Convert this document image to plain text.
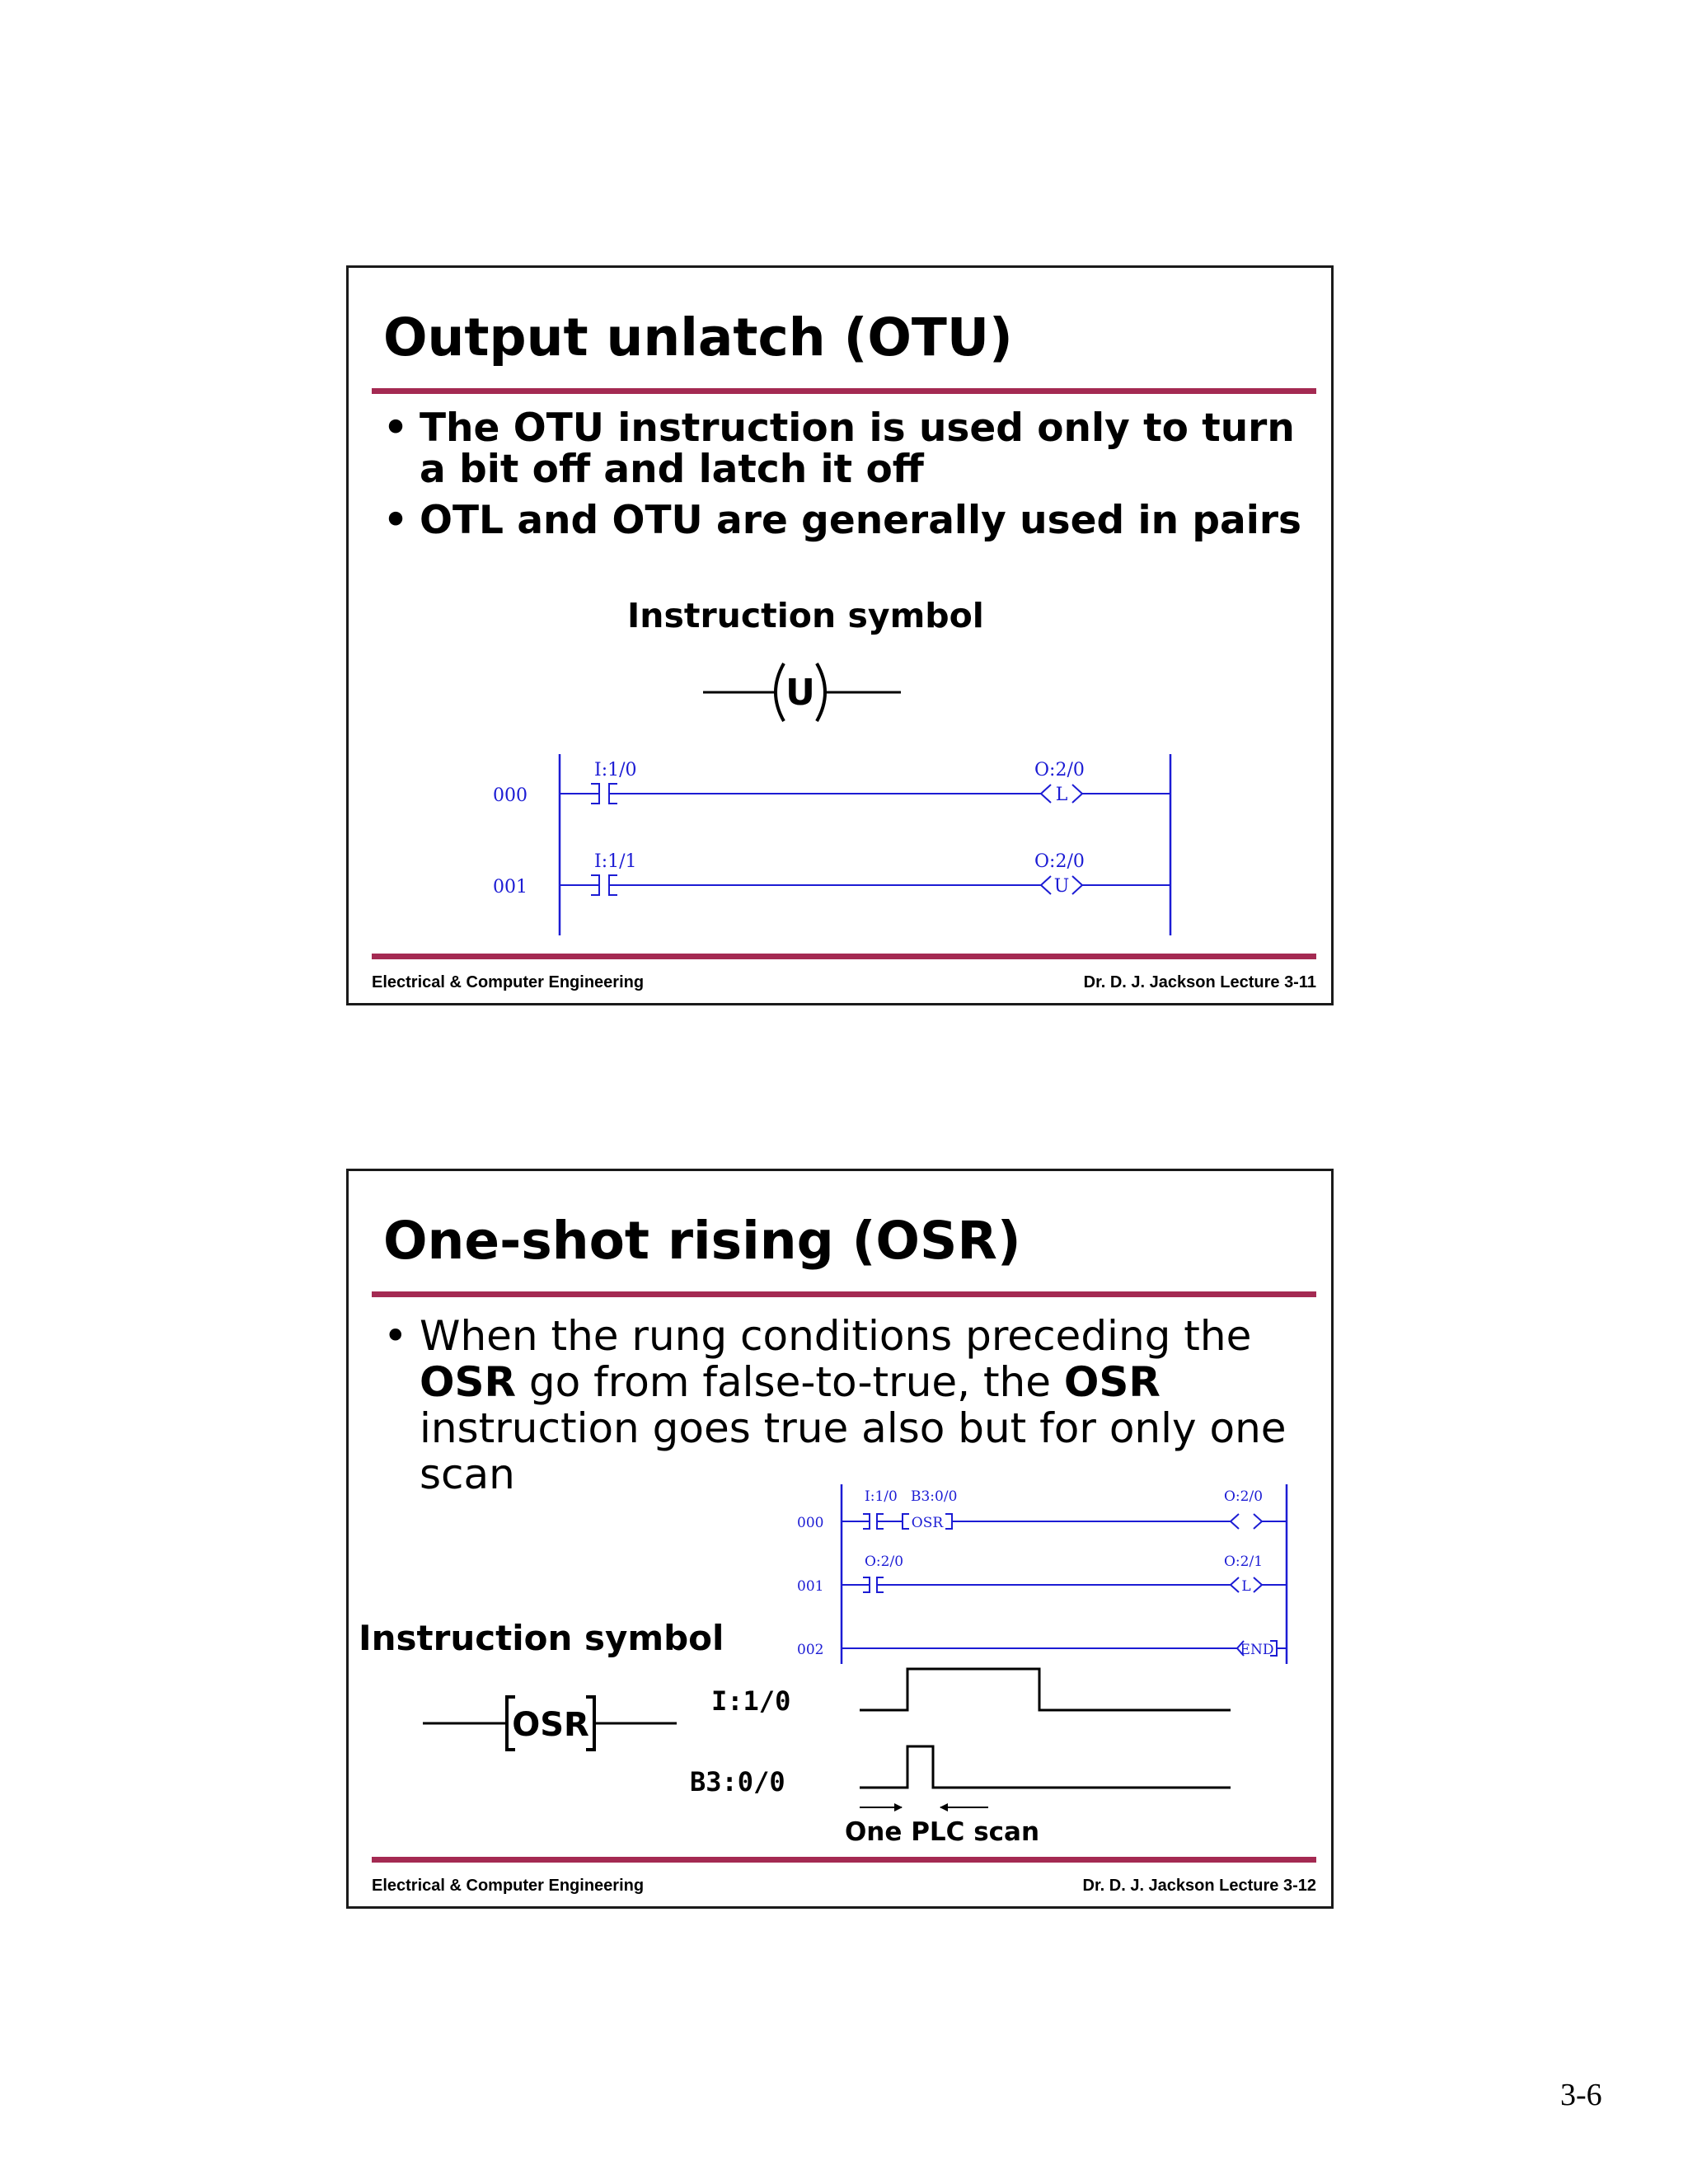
Output unlatch (OTU)
• The OTU instruction is used only to turn a bit off and latch it off
• OTL and OTU are generally used in pairs
Instruction symbol
U
000
I:1/0	O:2/0
L
001
I:1/1	O:2/0
U
Electrical & Computer Engineering	Dr. D. J. Jackson Lecture 3-11
One-shot rising (OSR)
• When the rung conditions preceding the OSR go from false-to-true, the OSR instruction goes true also but for only one scan
Instruction symbol
OSR
000
I:1/0 B3:0/0
OSR
O:2/0
001
O:2/0	O:2/1
L
002	END
I:1/0
B3:0/0
One PLC scan
Electrical & Computer Engineering	Dr. D. J. Jackson Lecture 3-12
3-6
